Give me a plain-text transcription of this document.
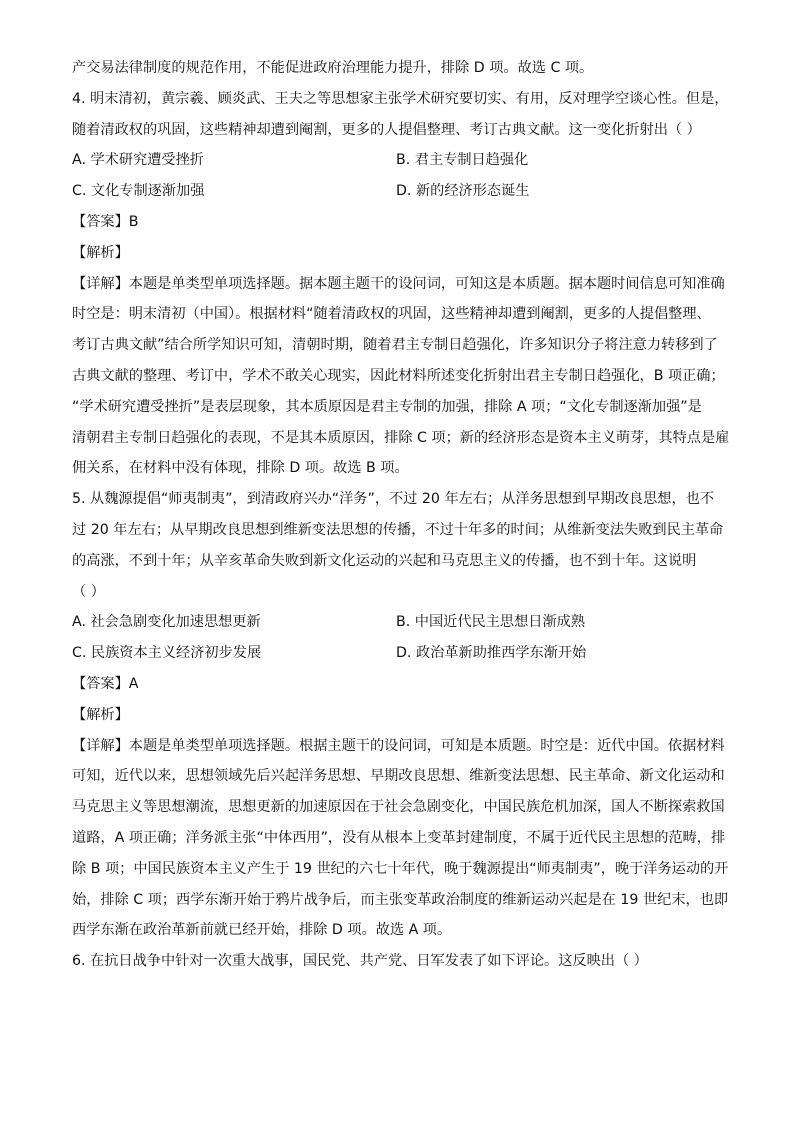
产交易法律制度的规范作用，不能促进政府治理能力提升，排除 D 项。故选 C 项。
4. 明末清初，黄宗羲、顾炎武、王夫之等思想家主张学术研究要切实、有用，反对理学空谈心性。但是，
随着清政权的巩固，这些精神却遭到阉割，更多的人提倡整理、考订古典文献。这一变化折射出（ ）
A. 学术研究遭受挫折	B. 君主专制日趋强化
C. 文化专制逐渐加强	D. 新的经济形态诞生
【答案】B
【解析】
【详解】本题是单类型单项选择题。据本题主题干的设问词，可知这是本质题。据本题时间信息可知准确
时空是：明末清初（中国）。根据材料“随着清政权的巩固，这些精神却遭到阉割，更多的人提倡整理、
考订古典文献”结合所学知识可知，清朝时期，随着君主专制日趋强化，许多知识分子将注意力转移到了
古典文献的整理、考订中，学术不敢关心现实，因此材料所述变化折射出君主专制日趋强化，B 项正确；
“学术研究遭受挫折”是表层现象，其本质原因是君主专制的加强，排除 A 项；“文化专制逐渐加强”是
清朝君主专制日趋强化的表现，不是其本质原因，排除 C 项；新的经济形态是资本主义萌芽，其特点是雇
佣关系，在材料中没有体现，排除 D 项。故选 B 项。
5. 从魏源提倡“师夷制夷”，到清政府兴办“洋务”，不过 20 年左右；从洋务思想到早期改良思想，也不
过 20 年左右；从早期改良思想到维新变法思想的传播，不过十年多的时间；从维新变法失败到民主革命
的高涨，不到十年；从辛亥革命失败到新文化运动的兴起和马克思主义的传播，也不到十年。这说明
（ ）
A. 社会急剧变化加速思想更新	B. 中国近代民主思想日渐成熟
C. 民族资本主义经济初步发展	D. 政治革新助推西学东渐开始
【答案】A
【解析】
【详解】本题是单类型单项选择题。根据主题干的设问词，可知是本质题。时空是：近代中国。依据材料
可知，近代以来，思想领域先后兴起洋务思想、早期改良思想、维新变法思想、民主革命、新文化运动和
马克思主义等思想潮流，思想更新的加速原因在于社会急剧变化，中国民族危机加深，国人不断探索救国
道路，A 项正确；洋务派主张“中体西用”，没有从根本上变革封建制度，不属于近代民主思想的范畴，排
除 B 项；中国民族资本主义产生于 19 世纪的六七十年代，晚于魏源提出“师夷制夷”，晚于洋务运动的开
始，排除 C 项；西学东渐开始于鸦片战争后，而主张变革政治制度的维新运动兴起是在 19 世纪末，也即
西学东渐在政治革新前就已经开始，排除 D 项。故选 A 项。
6. 在抗日战争中针对一次重大战事，国民党、共产党、日军发表了如下评论。这反映出（ ）
